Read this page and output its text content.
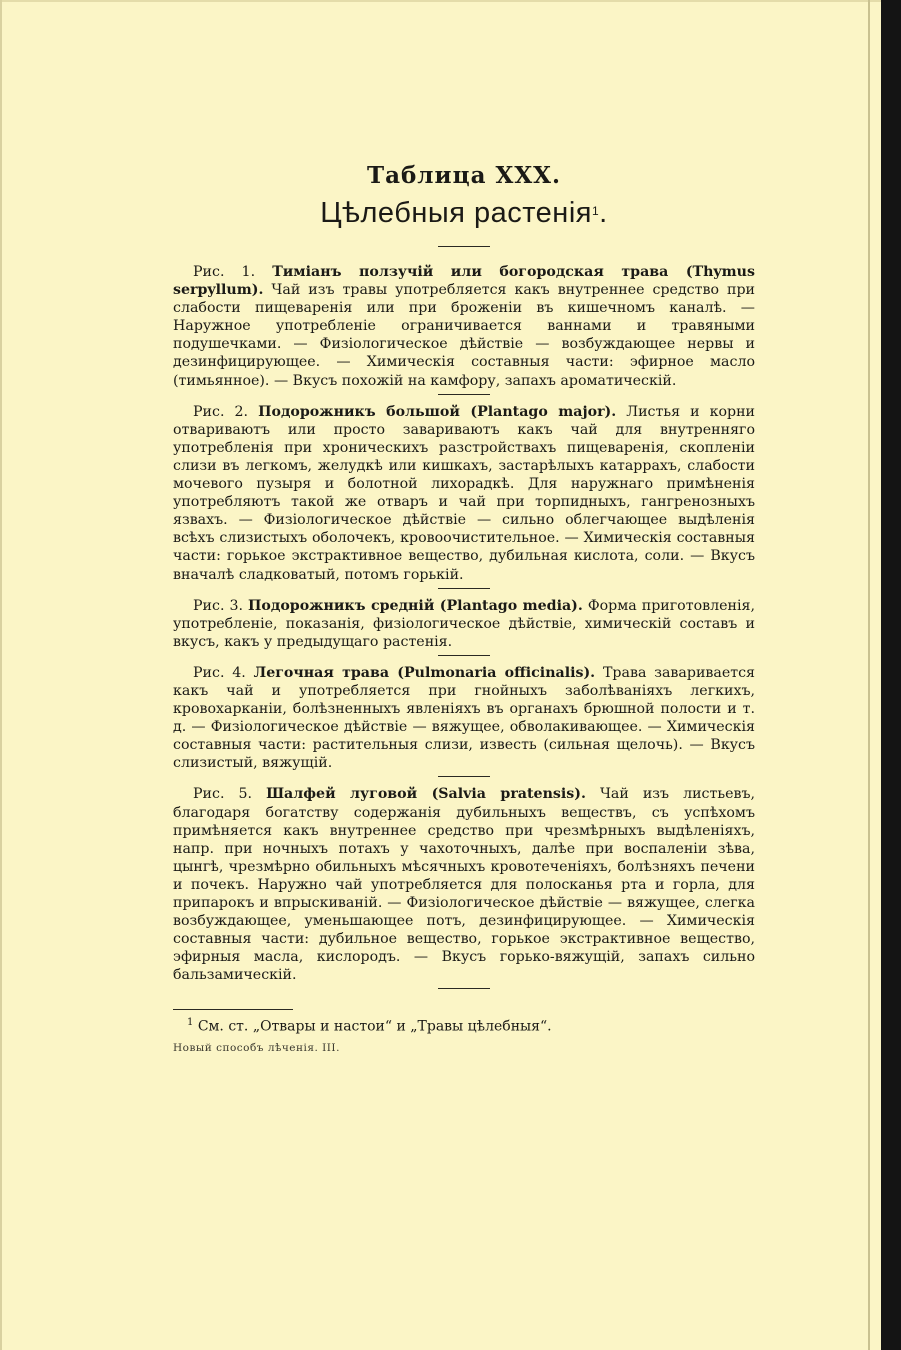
Таблица XXX.
Цѣлебныя растенія$^1$.

Рис. 1. Тиміанъ ползучій или богородская трава (Thymus serpyllum). Чай изъ травы употребляется какъ внутреннее средство при слабости пищеваренія или при броженіи въ кишечномъ каналѣ. — Наружное употребленіе ограничивается ваннами и травяными подушечками. — Физіологическое дѣйствіе — возбуждающее нервы и дезинфицирующее. — Химическія составныя части: эфирное масло (тимьянное). — Вкусъ похожій на камфору, запахъ ароматическій.

Рис. 2. Подорожникъ большой (Plantago major). Листья и корни отвариваютъ или просто завариваютъ какъ чай для внутренняго употребленія при хроническихъ разстройствахъ пищеваренія, скопленіи слизи въ легкомъ, желудкѣ или кишкахъ, застарѣлыхъ катаррахъ, слабости мочевого пузыря и болотной лихорадкѣ. Для наружнаго примѣненія употребляютъ такой же отваръ и чай при торпидныхъ, гангренозныхъ язвахъ. — Физіологическое дѣйствіе — сильно облегчающее выдѣленія всѣхъ слизистыхъ оболочекъ, кровоочистительное. — Химическія составныя части: горькое экстрактивное вещество, дубильная кислота, соли. — Вкусъ вначалѣ сладковатый, потомъ горькій.

Рис. 3. Подорожникъ средній (Plantago media). Форма приготовленія, употребленіе, показанія, физіологическое дѣйствіе, химическій составъ и вкусъ, какъ у предыдущаго растенія.

Рис. 4. Легочная трава (Pulmonaria officinalis). Трава заваривается какъ чай и употребляется при гнойныхъ заболѣваніяхъ легкихъ, кровохарканіи, болѣзненныхъ явленіяхъ въ органахъ брюшной полости и т. д. — Физіологическое дѣйствіе — вяжущее, обволакивающее. — Химическія составныя части: растительныя слизи, известь (сильная щелочь). — Вкусъ слизистый, вяжущій.

Рис. 5. Шалфей луговой (Salvia pratensis). Чай изъ листьевъ, благодаря богатству содержанія дубильныхъ веществъ, съ успѣхомъ примѣняется какъ внутреннее средство при чрезмѣрныхъ выдѣленіяхъ, напр. при ночныхъ потахъ у чахоточныхъ, далѣе при воспаленіи зѣва, цынгѣ, чрезмѣрно обильныхъ мѣсячныхъ кровотеченіяхъ, болѣзняхъ печени и почекъ. Наружно чай употребляется для полосканья рта и горла, для припарокъ и впрыскиваній. — Физіологическое дѣйствіе — вяжущее, слегка возбуждающее, уменьшающее потъ, дезинфицирующее. — Химическія составныя части: дубильное вещество, горькое экстрактивное вещество, эфирныя масла, кислородъ. — Вкусъ горько-вяжущій, запахъ сильно бальзамическій.

$^1$ См. ст. „Отвары и настои“ и „Травы цѣлебныя“.

Новый способъ лѣченія. III.
